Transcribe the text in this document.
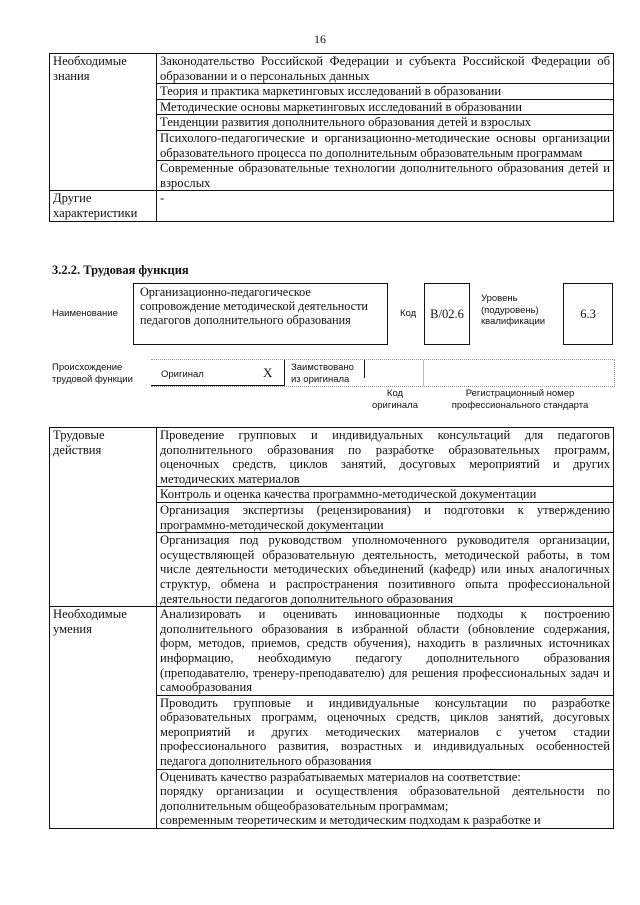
16
Необходимые знания	Законодательство Российской Федерации и субъекта Российской Федерации об образовании и о персональных данных
	Теория и практика маркетинговых исследований в образовании
	Методические основы маркетинговых исследований в образовании
	Тенденции развития дополнительного образования детей и взрослых
	Психолого-педагогические и организационно-методические основы организации образовательного процесса по дополнительным образовательным программам
	Современные образовательные технологии дополнительного образования детей и взрослых
Другие характеристики	-
3.2.2. Трудовая функция
Наименование
Организационно-педагогическое сопровождение методической деятельности педагогов дополнительного образования	Код	B/02.6
Уровень (подуровень) квалификации
6.3
Происхождение трудовой функции	Оригинал	X Заимствовано из оригинала
Код оригинала
Регистрационный номер профессионального стандарта
Трудовые действия	Проведение групповых и индивидуальных консультаций для педагогов дополнительного образования по разработке образовательных программ, оценочных средств, циклов занятий, досуговых мероприятий и других методических материалов
	Контроль и оценка качества программно-методической документации
	Организация экспертизы (рецензирования) и подготовки к утверждению программно-методической документации
	Организация под руководством уполномоченного руководителя организации, осуществляющей образовательную деятельность, методической работы, в том числе деятельности методических объединений (кафедр) или иных аналогичных структур, обмена и распространения позитивного опыта профессиональной деятельности педагогов дополнительного образования
Необходимые умения	Анализировать и оценивать инновационные подходы к построению дополнительного образования в избранной области (обновление содержания, форм, методов, приемов, средств обучения), находить в различных источниках информацию, необходимую педагогу дополнительного образования (преподавателю, тренеру-преподавателю) для решения профессиональных задач и самообразования
	Проводить групповые и индивидуальные консультации по разработке образовательных программ, оценочных средств, циклов занятий, досуговых мероприятий и других методических материалов с учетом стадии профессионального развития, возрастных и индивидуальных особенностей педагога дополнительного образования
	Оценивать качество разрабатываемых материалов на соответствие:
порядку организации и осуществления образовательной деятельности по дополнительным общеобразовательным программам;
современным теоретическим и методическим подходам к разработке и
